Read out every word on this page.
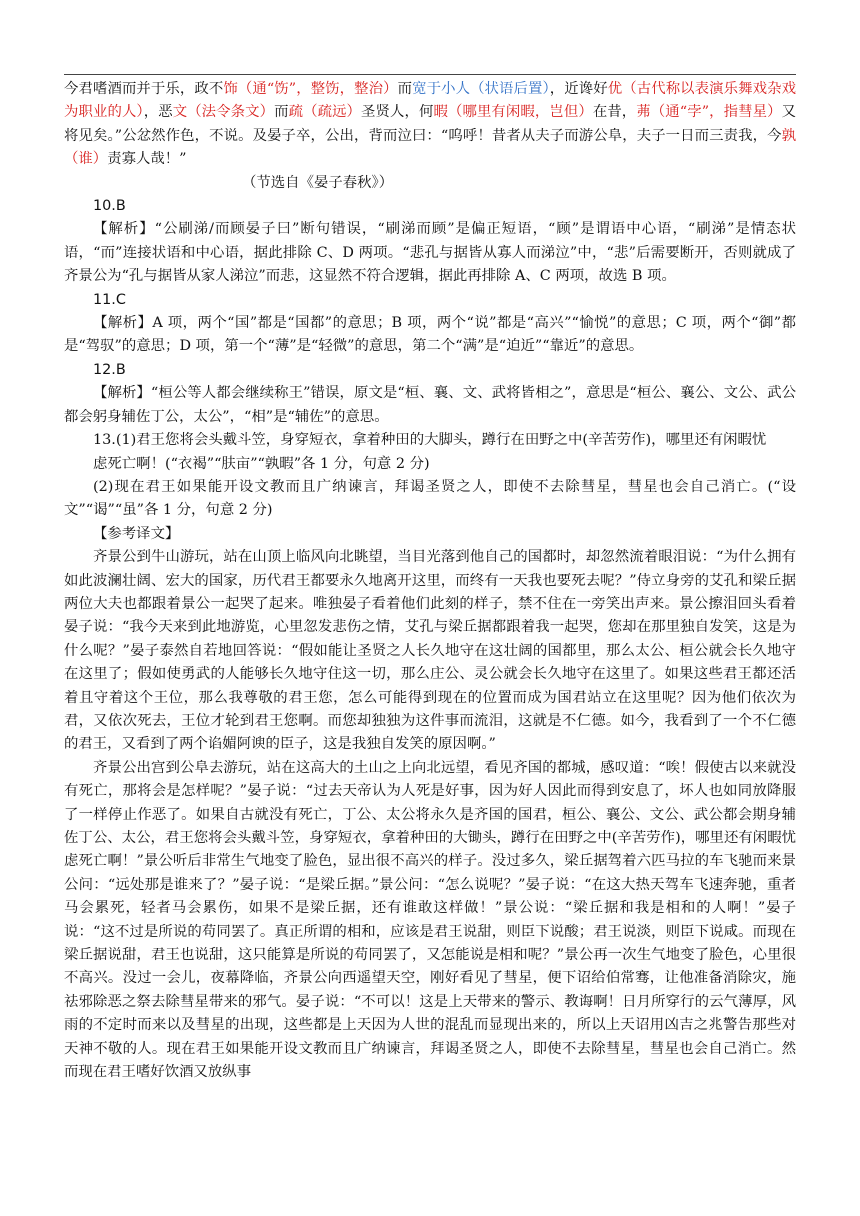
今君嗜酒而并于乐，政不饰（通“饬”，整饬，整治）而宽于小人（状语后置），近谗好优（古代称以表演乐舞戏杂戏为职业的人），恶文（法令条文）而疏（疏远）圣贤人，何暇（哪里有闲暇，岂但）在昔，茀（通“孛”，指彗星）又将见矣。”公忿然作色，不说。及晏子卒，公出，背而泣曰：“呜呼！昔者从夫子而游公阜，夫子一日而三责我，今孰（谁）责寡人哉！”

（节选自《晏子春秋》）

10.B

【解析】“公刷涕/而顾晏子曰”断句错误，“刷涕而顾”是偏正短语，“顾”是谓语中心语，“刷涕”是情态状语，“而”连接状语和中心语，据此排除 C、D 两项。“悲孔与据皆从寡人而涕泣”中，“悲”后需要断开，否则就成了齐景公为“孔与据皆从家人涕泣”而悲，这显然不符合逻辑，据此再排除 A、C 两项，故选 B 项。

11.C

【解析】A 项，两个“国”都是“国都”的意思；B 项，两个“说”都是“高兴”“愉悦”的意思；C 项，两个“御”都是“驾驭”的意思；D 项，第一个“薄”是“轻微”的意思，第二个“满”是“迫近”“靠近”的意思。

12.B

【解析】“桓公等人都会继续称王”错误，原文是“桓、襄、文、武将皆相之”，意思是“桓公、襄公、文公、武公都会躬身辅佐丁公，太公”，“相”是“辅佐”的意思。

13.(1)君王您将会头戴斗笠，身穿短衣，拿着种田的大脚头，蹲行在田野之中(辛苦劳作)，哪里还有闲暇忧

虑死亡啊！(“衣褐”“肤亩”“孰暇”各 1 分，句意 2 分)

(2)现在君王如果能开设文教而且广纳谏言，拜谒圣贤之人，即使不去除彗星，彗星也会自己消亡。(“设文”“谒”“虽”各 1 分，句意 2 分)

【参考译文】

齐景公到牛山游玩，站在山顶上临风向北眺望，当目光落到他自己的国都时，却忽然流着眼泪说：“为什么拥有如此波澜壮阔、宏大的国家，历代君王都要永久地离开这里，而终有一天我也要死去呢？”侍立身旁的艾孔和梁丘据两位大夫也都跟着景公一起哭了起来。唯独晏子看着他们此刻的样子，禁不住在一旁笑出声来。景公擦泪回头看着晏子说：“我今天来到此地游览，心里忽发悲伤之情，艾孔与梁丘据都跟着我一起哭，您却在那里独自发笑，这是为什么呢？”晏子泰然自若地回答说：“假如能让圣贤之人长久地守在这壮阔的国都里，那么太公、桓公就会长久地守在这里了；假如使勇武的人能够长久地守住这一切，那么庄公、灵公就会长久地守在这里了。如果这些君王都还活着且守着这个王位，那么我尊敬的君王您，怎么可能得到现在的位置而成为国君站立在这里呢？因为他们依次为君，又依次死去，王位才轮到君王您啊。而您却独独为这件事而流泪，这就是不仁德。如今，我看到了一个不仁德的君王，又看到了两个谄媚阿谀的臣子，这是我独自发笑的原因啊。”

齐景公出宫到公阜去游玩，站在这高大的土山之上向北远望，看见齐国的都城，感叹道：“唉！假使古以来就没有死亡，那将会是怎样呢？”晏子说：“过去天帝认为人死是好事，因为好人因此而得到安息了，坏人也如同放降服了一样停止作恶了。如果自古就没有死亡，丁公、太公将永久是齐国的国君，桓公、襄公、文公、武公都会期身辅佐丁公、太公，君王您将会头戴斗笠，身穿短衣，拿着种田的大锄头，蹲行在田野之中(辛苦劳作)，哪里还有闲暇忧虑死亡啊！”景公听后非常生气地变了脸色，显出很不高兴的样子。没过多久，梁丘据驾着六匹马拉的车飞驰而来景公问：“远处那是谁来了？”晏子说：“是梁丘据。”景公问：“怎么说呢？”晏子说：“在这大热天驾车飞速奔驰，重者马会累死，轻者马会累伤，如果不是梁丘据，还有谁敢这样做！”景公说：“梁丘据和我是相和的人啊！”晏子说：“这不过是所说的苟同罢了。真正所谓的相和，应该是君王说甜，则臣下说酸；君王说淡，则臣下说咸。而现在梁丘据说甜，君王也说甜，这只能算是所说的苟同罢了，又怎能说是相和呢？”景公再一次生气地变了脸色，心里很不高兴。没过一会儿，夜幕降临，齐景公向西遥望天空，刚好看见了彗星，便下诏给伯常骞，让他准备消除灾，施祛邪除恶之祭去除彗星带来的邪气。晏子说：“不可以！这是上天带来的警示、教诲啊！日月所穿行的云气薄厚，风雨的不定时而来以及彗星的出现，这些都是上天因为人世的混乱而显现出来的，所以上天诏用凶吉之兆警告那些对天神不敬的人。现在君王如果能开设文教而且广纳谏言，拜谒圣贤之人，即使不去除彗星，彗星也会自己消亡。然而现在君王嗜好饮酒又放纵事
